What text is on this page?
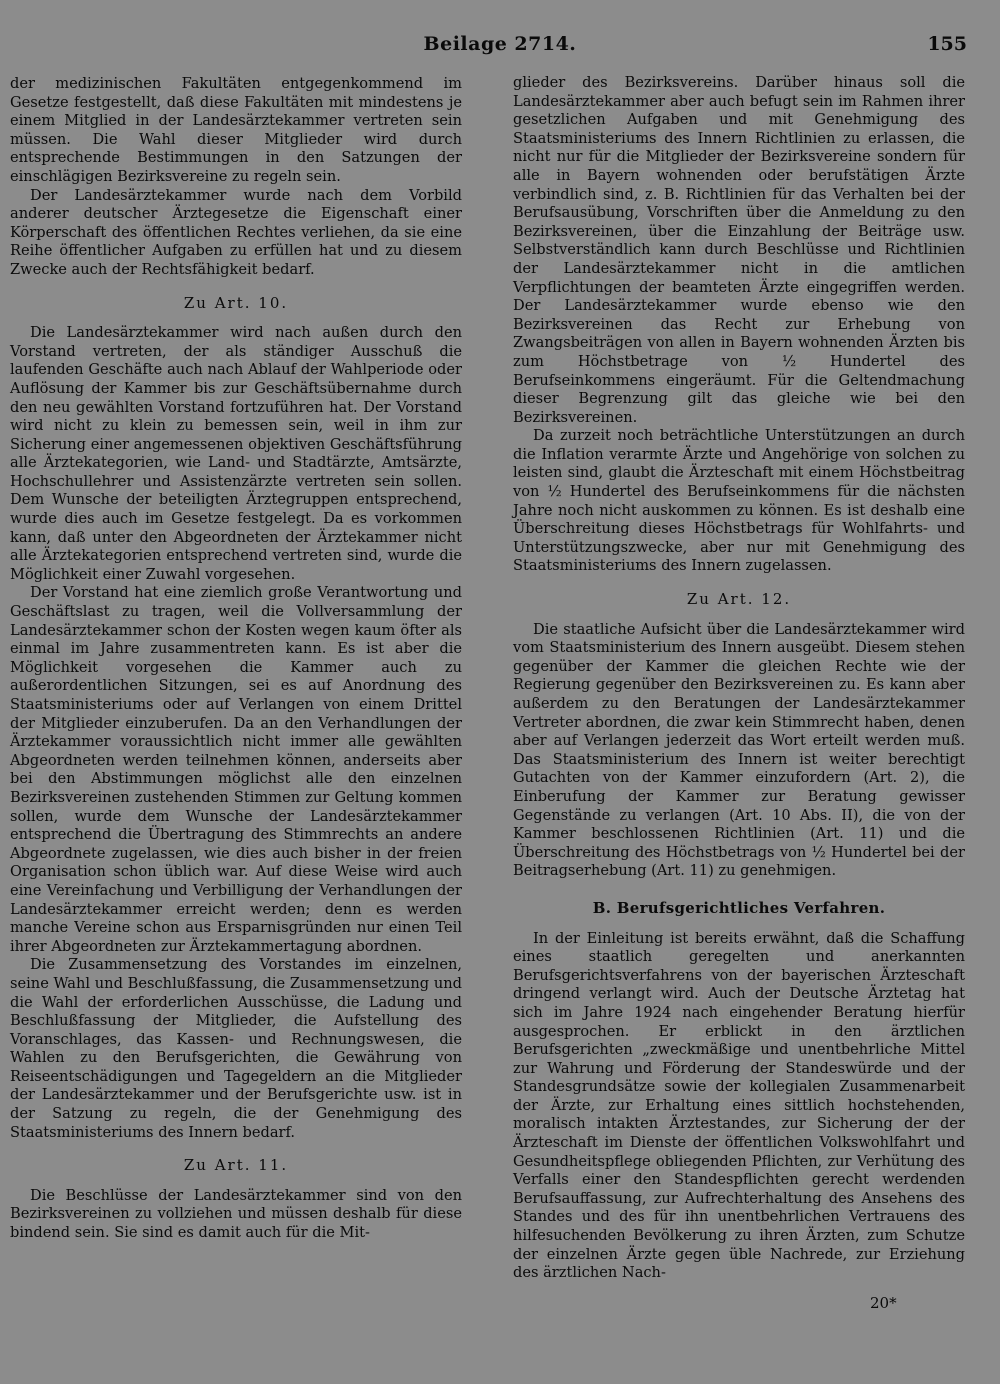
Beilage 2714.	155

der medizinischen Fakultäten entgegenkommend im Gesetze festgestellt, daß diese Fakultäten mit mindestens je einem Mitglied in der Landesärztekammer vertreten sein müssen. Die Wahl dieser Mitglieder wird durch entsprechende Bestimmungen in den Satzungen der einschlägigen Bezirksvereine zu regeln sein.

Der Landesärztekammer wurde nach dem Vorbild anderer deutscher Ärztegesetze die Eigenschaft einer Körperschaft des öffentlichen Rechtes verliehen, da sie eine Reihe öffentlicher Aufgaben zu erfüllen hat und zu diesem Zwecke auch der Rechtsfähigkeit bedarf.

Zu Art. 10.

Die Landesärztekammer wird nach außen durch den Vorstand vertreten, der als ständiger Ausschuß die laufenden Geschäfte auch nach Ablauf der Wahlperiode oder Auflösung der Kammer bis zur Geschäftsübernahme durch den neu gewählten Vorstand fortzuführen hat. Der Vorstand wird nicht zu klein zu bemessen sein, weil in ihm zur Sicherung einer angemessenen objektiven Geschäftsführung alle Ärztekategorien, wie Land- und Stadtärzte, Amtsärzte, Hochschullehrer und Assistenzärzte vertreten sein sollen. Dem Wunsche der beteiligten Ärztegruppen entsprechend, wurde dies auch im Gesetze festgelegt. Da es vorkommen kann, daß unter den Abgeordneten der Ärztekammer nicht alle Ärztekategorien entsprechend vertreten sind, wurde die Möglichkeit einer Zuwahl vorgesehen.

Der Vorstand hat eine ziemlich große Verantwortung und Geschäftslast zu tragen, weil die Vollversammlung der Landesärztekammer schon der Kosten wegen kaum öfter als einmal im Jahre zusammentreten kann. Es ist aber die Möglichkeit vorgesehen die Kammer auch zu außerordentlichen Sitzungen, sei es auf Anordnung des Staatsministeriums oder auf Verlangen von einem Drittel der Mitglieder einzuberufen. Da an den Verhandlungen der Ärztekammer voraussichtlich nicht immer alle gewählten Abgeordneten werden teilnehmen können, anderseits aber bei den Abstimmungen möglichst alle den einzelnen Bezirksvereinen zustehenden Stimmen zur Geltung kommen sollen, wurde dem Wunsche der Landesärztekammer entsprechend die Übertragung des Stimmrechts an andere Abgeordnete zugelassen, wie dies auch bisher in der freien Organisation schon üblich war. Auf diese Weise wird auch eine Vereinfachung und Verbilligung der Verhandlungen der Landesärztekammer erreicht werden; denn es werden manche Vereine schon aus Ersparnisgründen nur einen Teil ihrer Abgeordneten zur Ärztekammertagung abordnen.

Die Zusammensetzung des Vorstandes im einzelnen, seine Wahl und Beschlußfassung, die Zusammensetzung und die Wahl der erforderlichen Ausschüsse, die Ladung und Beschlußfassung der Mitglieder, die Aufstellung des Voranschlages, das Kassen- und Rechnungswesen, die Wahlen zu den Berufsgerichten, die Gewährung von Reiseentschädigungen und Tagegeldern an die Mitglieder der Landesärztekammer und der Berufsgerichte usw. ist in der Satzung zu regeln, die der Genehmigung des Staatsministeriums des Innern bedarf.

Zu Art. 11.

Die Beschlüsse der Landesärztekammer sind von den Bezirksvereinen zu vollziehen und müssen deshalb für diese bindend sein. Sie sind es damit auch für die Mit-

glieder des Bezirksvereins. Darüber hinaus soll die Landesärztekammer aber auch befugt sein im Rahmen ihrer gesetzlichen Aufgaben und mit Genehmigung des Staatsministeriums des Innern Richtlinien zu erlassen, die nicht nur für die Mitglieder der Bezirksvereine sondern für alle in Bayern wohnenden oder berufstätigen Ärzte verbindlich sind, z. B. Richtlinien für das Verhalten bei der Berufsausübung, Vorschriften über die Anmeldung zu den Bezirksvereinen, über die Einzahlung der Beiträge usw. Selbstverständlich kann durch Beschlüsse und Richtlinien der Landesärztekammer nicht in die amtlichen Verpflichtungen der beamteten Ärzte eingegriffen werden. Der Landesärztekammer wurde ebenso wie den Bezirksvereinen das Recht zur Erhebung von Zwangsbeiträgen von allen in Bayern wohnenden Ärzten bis zum Höchstbetrage von ½ Hundertel des Berufseinkommens eingeräumt. Für die Geltendmachung dieser Begrenzung gilt das gleiche wie bei den Bezirksvereinen.

Da zurzeit noch beträchtliche Unterstützungen an durch die Inflation verarmte Ärzte und Angehörige von solchen zu leisten sind, glaubt die Ärzteschaft mit einem Höchstbeitrag von ½ Hundertel des Berufseinkommens für die nächsten Jahre noch nicht auskommen zu können. Es ist deshalb eine Überschreitung dieses Höchstbetrags für Wohlfahrts- und Unterstützungszwecke, aber nur mit Genehmigung des Staatsministeriums des Innern zugelassen.

Zu Art. 12.

Die staatliche Aufsicht über die Landesärztekammer wird vom Staatsministerium des Innern ausgeübt. Diesem stehen gegenüber der Kammer die gleichen Rechte wie der Regierung gegenüber den Bezirksvereinen zu. Es kann aber außerdem zu den Beratungen der Landesärztekammer Vertreter abordnen, die zwar kein Stimmrecht haben, denen aber auf Verlangen jederzeit das Wort erteilt werden muß. Das Staatsministerium des Innern ist weiter berechtigt Gutachten von der Kammer einzufordern (Art. 2), die Einberufung der Kammer zur Beratung gewisser Gegenstände zu verlangen (Art. 10 Abs. II), die von der Kammer beschlossenen Richtlinien (Art. 11) und die Überschreitung des Höchstbetrags von ½ Hundertel bei der Beitragserhebung (Art. 11) zu genehmigen.

B. Berufsgerichtliches Verfahren.

In der Einleitung ist bereits erwähnt, daß die Schaffung eines staatlich geregelten und anerkannten Berufsgerichtsverfahrens von der bayerischen Ärzteschaft dringend verlangt wird. Auch der Deutsche Ärztetag hat sich im Jahre 1924 nach eingehender Beratung hierfür ausgesprochen. Er erblickt in den ärztlichen Berufsgerichten „zweckmäßige und unentbehrliche Mittel zur Wahrung und Förderung der Standeswürde und der Standesgrundsätze sowie der kollegialen Zusammenarbeit der Ärzte, zur Erhaltung eines sittlich hochstehenden, moralisch intakten Ärztestandes, zur Sicherung der der Ärzteschaft im Dienste der öffentlichen Volkswohlfahrt und Gesundheitspflege obliegenden Pflichten, zur Verhütung des Verfalls einer den Standespflichten gerecht werdenden Berufsauffassung, zur Aufrechterhaltung des Ansehens des Standes und des für ihn unentbehrlichen Vertrauens des hilfesuchenden Bevölkerung zu ihren Ärzten, zum Schutze der einzelnen Ärzte gegen üble Nachrede, zur Erziehung des ärztlichen Nach-

20*
